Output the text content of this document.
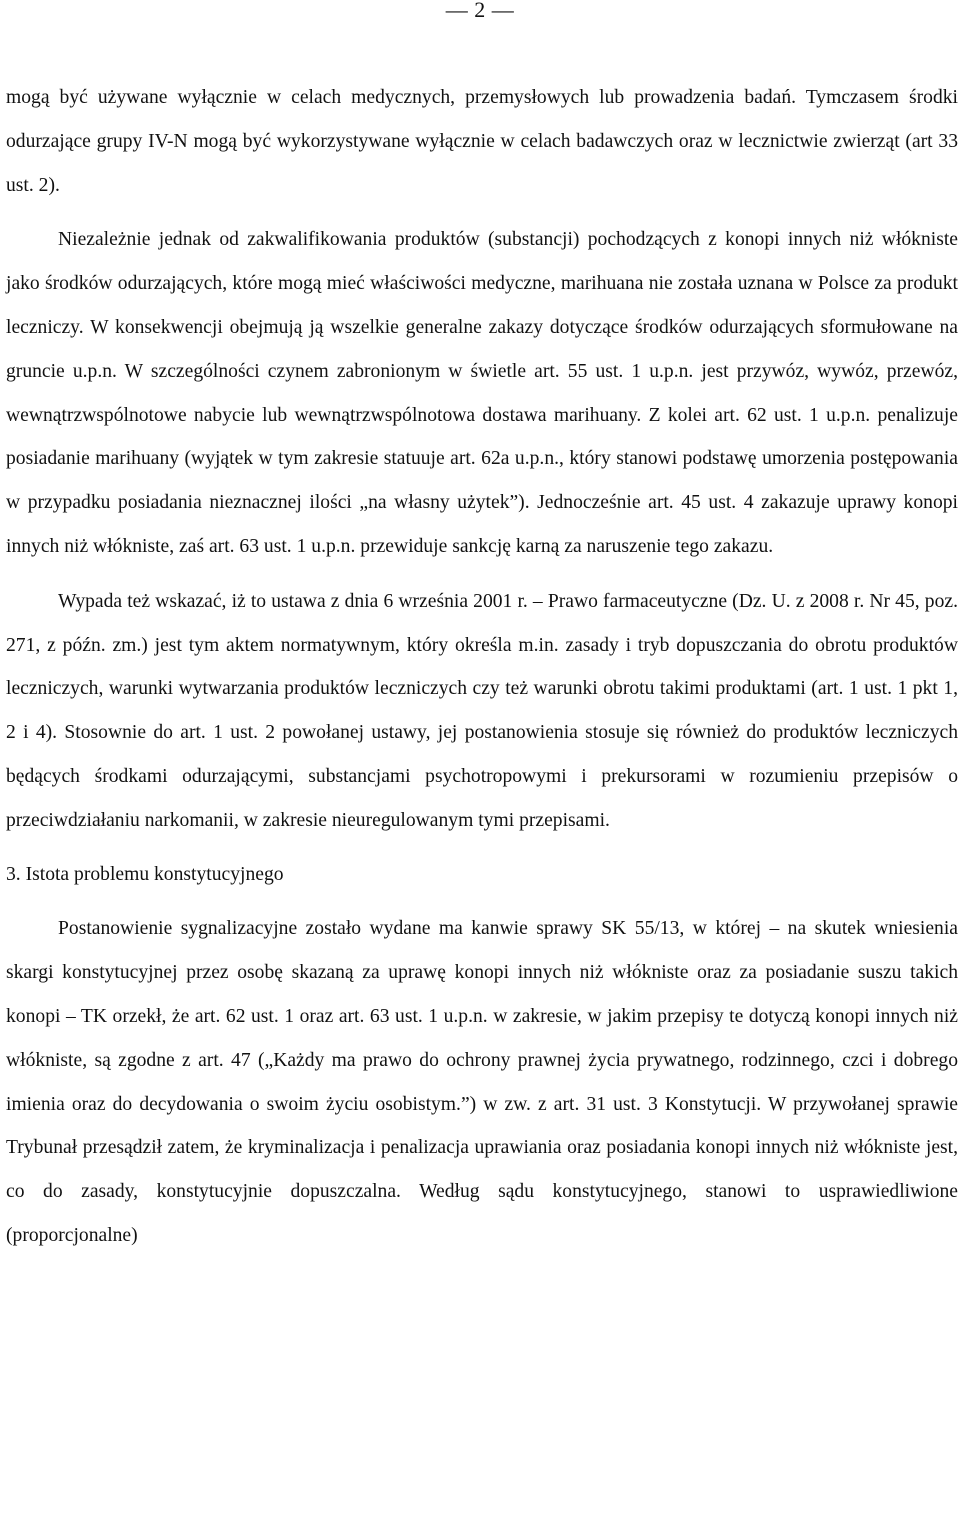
— 2 —

mogą być używane wyłącznie w celach medycznych, przemysłowych lub prowadzenia badań. Tymczasem środki odurzające grupy IV-N mogą być wykorzystywane wyłącznie w celach badawczych oraz w lecznictwie zwierząt (art 33 ust. 2).

Niezależnie jednak od zakwalifikowania produktów (substancji) pochodzących z konopi innych niż włókniste jako środków odurzających, które mogą mieć właściwości medyczne, marihuana nie została uznana w Polsce za produkt leczniczy. W konsekwencji obejmują ją wszelkie generalne zakazy dotyczące środków odurzających sformułowane na gruncie u.p.n. W szczególności czynem zabronionym w świetle art. 55 ust. 1 u.p.n. jest przywóz, wywóz, przewóz, wewnątrzwspólnotowe nabycie lub wewnątrzwspólnotowa dostawa marihuany. Z kolei art. 62 ust. 1 u.p.n. penalizuje posiadanie marihuany (wyjątek w tym zakresie statuuje art. 62a u.p.n., który stanowi podstawę umorzenia postępowania w przypadku posiadania nieznacznej ilości „na własny użytek”). Jednocześnie art. 45 ust. 4 zakazuje uprawy konopi innych niż włókniste, zaś art. 63 ust. 1 u.p.n. przewiduje sankcję karną za naruszenie tego zakazu.

Wypada też wskazać, iż to ustawa z dnia 6 września 2001 r. – Prawo farmaceutyczne (Dz. U. z 2008 r. Nr 45, poz. 271, z późn. zm.) jest tym aktem normatywnym, który określa m.in. zasady i tryb dopuszczania do obrotu produktów leczniczych, warunki wytwarzania produktów leczniczych czy też warunki obrotu takimi produktami (art. 1 ust. 1 pkt 1, 2 i 4). Stosownie do art. 1 ust. 2 powołanej ustawy, jej postanowienia stosuje się również do produktów leczniczych będących środkami odurzającymi, substancjami psychotropowymi i prekursorami w rozumieniu przepisów o przeciwdziałaniu narkomanii, w zakresie nieuregulowanym tymi przepisami.

3. Istota problemu konstytucyjnego

Postanowienie sygnalizacyjne zostało wydane ma kanwie sprawy SK 55/13, w której – na skutek wniesienia skargi konstytucyjnej przez osobę skazaną za uprawę konopi innych niż włókniste oraz za posiadanie suszu takich konopi – TK orzekł, że art. 62 ust. 1 oraz art. 63 ust. 1 u.p.n. w zakresie, w jakim przepisy te dotyczą konopi innych niż włókniste, są zgodne z art. 47 („Każdy ma prawo do ochrony prawnej życia prywatnego, rodzinnego, czci i dobrego imienia oraz do decydowania o swoim życiu osobistym.”) w zw. z art. 31 ust. 3 Konstytucji. W przywołanej sprawie Trybunał przesądził zatem, że kryminalizacja i penalizacja uprawiania oraz posiadania konopi innych niż włókniste jest, co do zasady, konstytucyjnie dopuszczalna. Według sądu konstytucyjnego, stanowi to usprawiedliwione (proporcjonalne)
